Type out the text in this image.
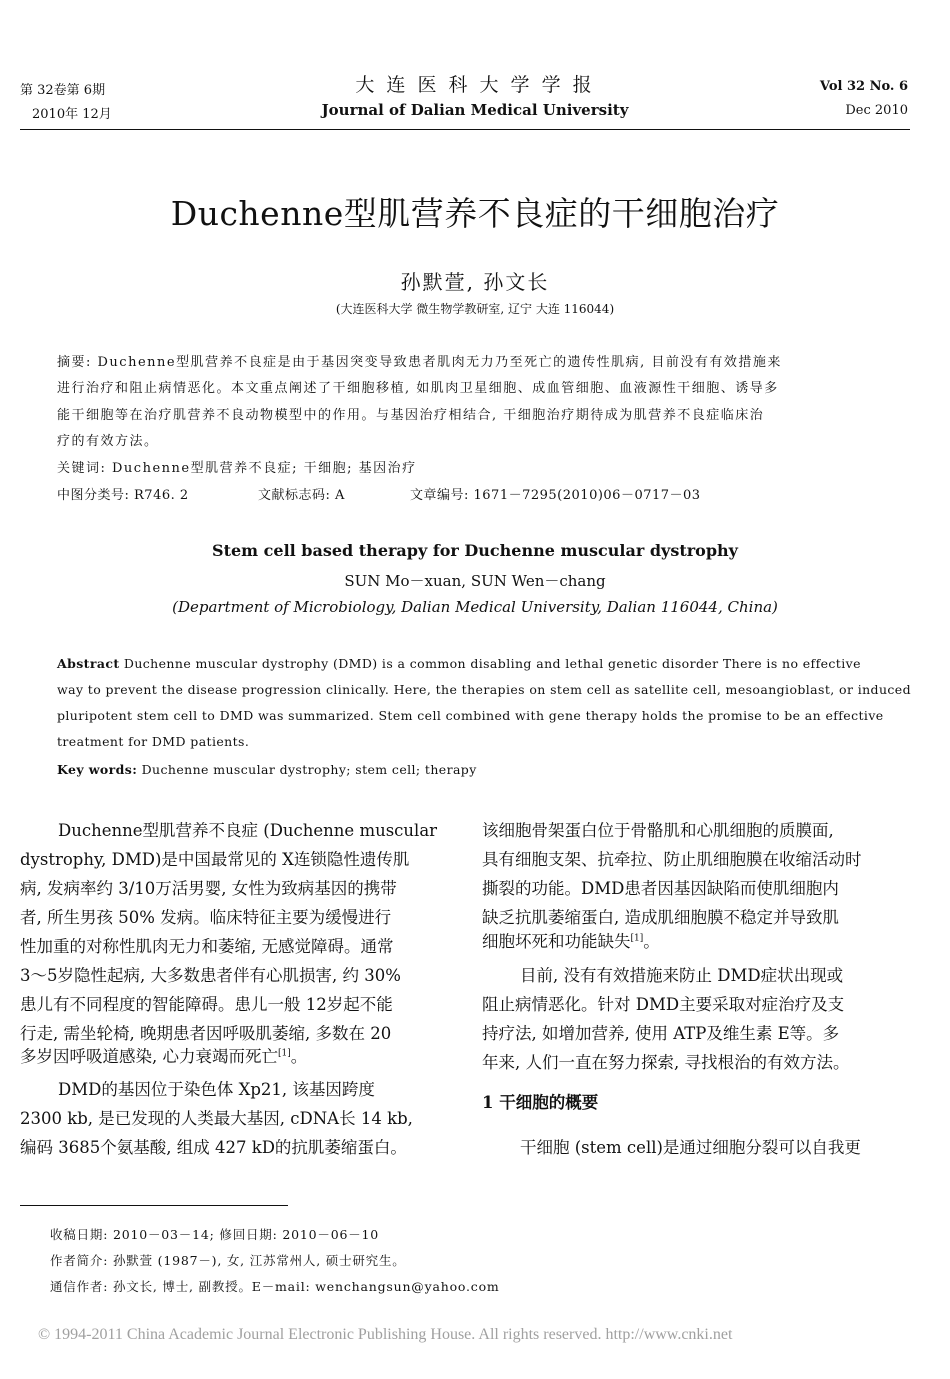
第 32卷第 6期
2010年 12月
大 连 医 科 大 学 学 报
Journal of Dalian Medical University
Vol 32 No. 6
Dec 2010
Duchenne型肌营养不良症的干细胞治疗
孙默萱, 孙文长
(大连医科大学 微生物学教研室, 辽宁 大连 116044)
摘要: Duchenne型肌营养不良症是由于基因突变导致患者肌肉无力乃至死亡的遗传性肌病, 目前没有有效措施来
进行治疗和阻止病情恶化。本文重点阐述了干细胞移植, 如肌肉卫星细胞、成血管细胞、血液源性干细胞、诱导多
能干细胞等在治疗肌营养不良动物模型中的作用。与基因治疗相结合, 干细胞治疗期待成为肌营养不良症临床治
疗的有效方法。
关键词: Duchenne型肌营养不良症; 干细胞; 基因治疗
中图分类号: R746. 2	文献标志码: A	文章编号: 1671－7295(2010)06－0717－03
Stem cell based therapy for Duchenne muscular dystrophy
SUN Mo－xuan, SUN Wen－chang
(Department of Microbiology, Dalian Medical University, Dalian 116044, China)
Abstract Duchenne muscular dystrophy (DMD) is a common disabling and lethal genetic disorder There is no effective
way to prevent the disease progression clinically. Here, the therapies on stem cell as satellite cell, mesoangioblast, or induced
pluripotent stem cell to DMD was summarized. Stem cell combined with gene therapy holds the promise to be an effective
treatment for DMD patients.
Key words: Duchenne muscular dystrophy; stem cell; therapy
Duchenne型肌营养不良症 (Duchenne muscular
dystrophy, DMD)是中国最常见的 X连锁隐性遗传肌
病, 发病率约 3/10万活男婴, 女性为致病基因的携带
者, 所生男孩 50% 发病。临床特征主要为缓慢进行
性加重的对称性肌肉无力和萎缩, 无感觉障碍。通常
3～5岁隐性起病, 大多数患者伴有心肌损害, 约 30%
患儿有不同程度的智能障碍。患儿一般 12岁起不能
行走, 需坐轮椅, 晚期患者因呼吸肌萎缩, 多数在 20
多岁因呼吸道感染, 心力衰竭而死亡[1]。
DMD的基因位于染色体 Xp21, 该基因跨度
2300 kb, 是已发现的人类最大基因, cDNA长 14 kb,
编码 3685个氨基酸, 组成 427 kD的抗肌萎缩蛋白。
该细胞骨架蛋白位于骨骼肌和心肌细胞的质膜面,
具有细胞支架、抗牵拉、防止肌细胞膜在收缩活动时
撕裂的功能。DMD患者因基因缺陷而使肌细胞内
缺乏抗肌萎缩蛋白, 造成肌细胞膜不稳定并导致肌
细胞坏死和功能缺失[1]。
目前, 没有有效措施来防止 DMD症状出现或
阻止病情恶化。针对 DMD主要采取对症治疗及支
持疗法, 如增加营养, 使用 ATP及维生素 E等。多
年来, 人们一直在努力探索, 寻找根治的有效方法。
1 干细胞的概要
干细胞 (stem cell)是通过细胞分裂可以自我更
收稿日期: 2010－03－14; 修回日期: 2010－06－10
作者简介: 孙默萱 (1987－), 女, 江苏常州人, 硕士研究生。
通信作者: 孙文长, 博士, 副教授。E－mail: wenchangsun@yahoo.com
© 1994-2011 China Academic Journal Electronic Publishing House. All rights reserved. http://www.cnki.net
